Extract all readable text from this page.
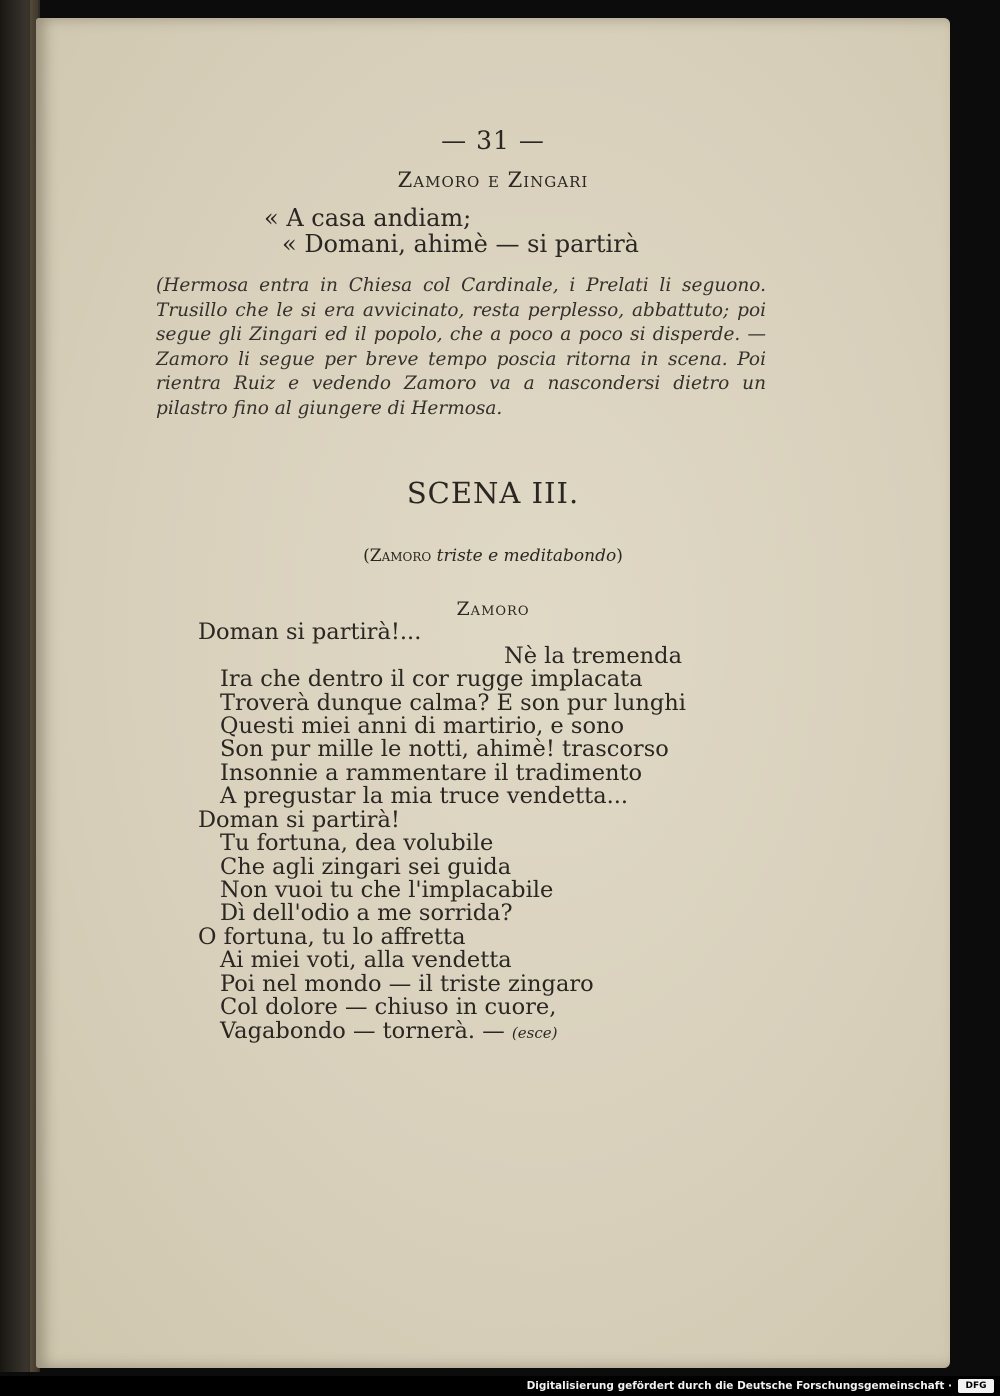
— 31 —
Zamoro e Zingari
« A casa andiam;
« Domani, ahimè — si partirà

(Hermosa entra in Chiesa col Cardinale, i Prelati li seguono. Trusillo che le si era avvicinato, resta perplesso, abbattuto; poi segue gli Zingari ed il popolo, che a poco a poco si disperde. — Zamoro li segue per breve tempo poscia ritorna in scena. Poi rientra Ruiz e vedendo Zamoro va a nascondersi dietro un pilastro fino al giungere di Hermosa.

SCENA III.
(Zamoro triste e meditabondo)
Zamoro
Doman si partirà!...
Nè la tremenda
Ira che dentro il cor rugge implacata
Troverà dunque calma? E son pur lunghi
Questi miei anni di martirio, e sono
Son pur mille le notti, ahimè! trascorso
Insonnie a rammentare il tradimento
A pregustar la mia truce vendetta...
Doman si partirà!
Tu fortuna, dea volubile
Che agli zingari sei guida
Non vuoi tu che l'implacabile
Dì dell'odio a me sorrida?
O fortuna, tu lo affretta
Ai miei voti, alla vendetta
Poi nel mondo — il triste zingaro
Col dolore — chiuso in cuore,
Vagabondo — tornerà. — (esce)
Digitalisierung gefördert durch die Deutsche Forschungsgemeinschaft ·	DFG
